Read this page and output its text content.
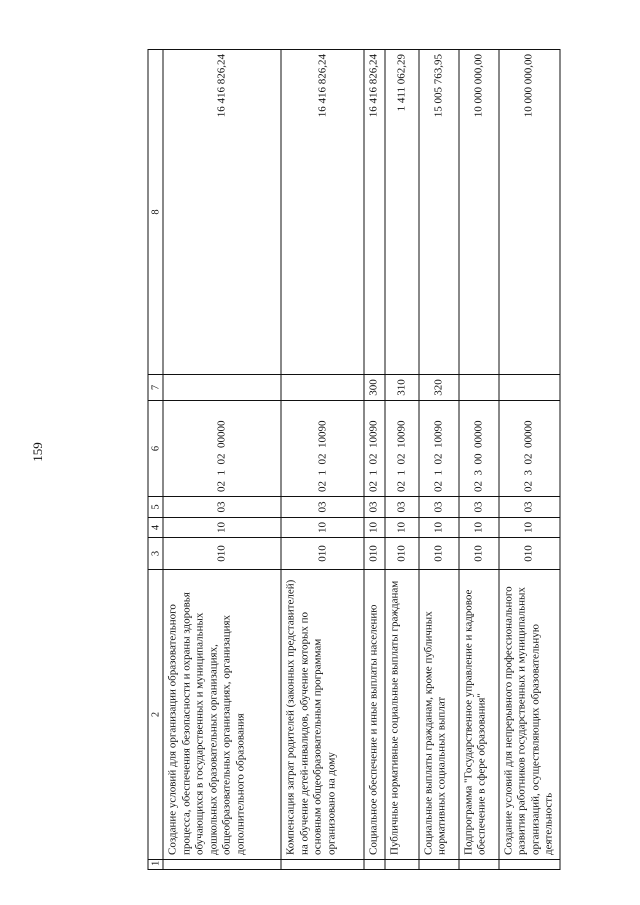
159
1	2	3	4	5	6	7	8
	Создание условий для организации образовательного процесса, обеспечения безопасности и охраны здоровья обучающихся в государственных и муниципальных дошкольных образовательных организациях, общеобразовательных организациях, организациях дополнительного образования	010	10	03	02  1  02  00000		16 416 826,24
	Компенсация затрат родителей (законных представителей) на обучение детей-инвалидов, обучение которых по основным общеобразовательным программам организовано на дому	010	10	03	02  1  02  10090		16 416 826,24
	Социальное обеспечение и иные выплаты населению	010	10	03	02  1  02  10090	300	16 416 826,24
	Публичные нормативные социальные выплаты гражданам	010	10	03	02  1  02  10090	310	1 411 062,29
	Социальные выплаты гражданам, кроме публичных нормативных социальных выплат	010	10	03	02  1  02  10090	320	15 005 763,95
	Подпрограмма "Государственное управление и кадровое обеспечение в сфере образования"	010	10	03	02  3  00  00000		10 000 000,00
	Создание условий для непрерывного профессионального развития работников государственных и муниципальных организаций, осуществляющих образовательную деятельность	010	10	03	02  3  02  00000		10 000 000,00
